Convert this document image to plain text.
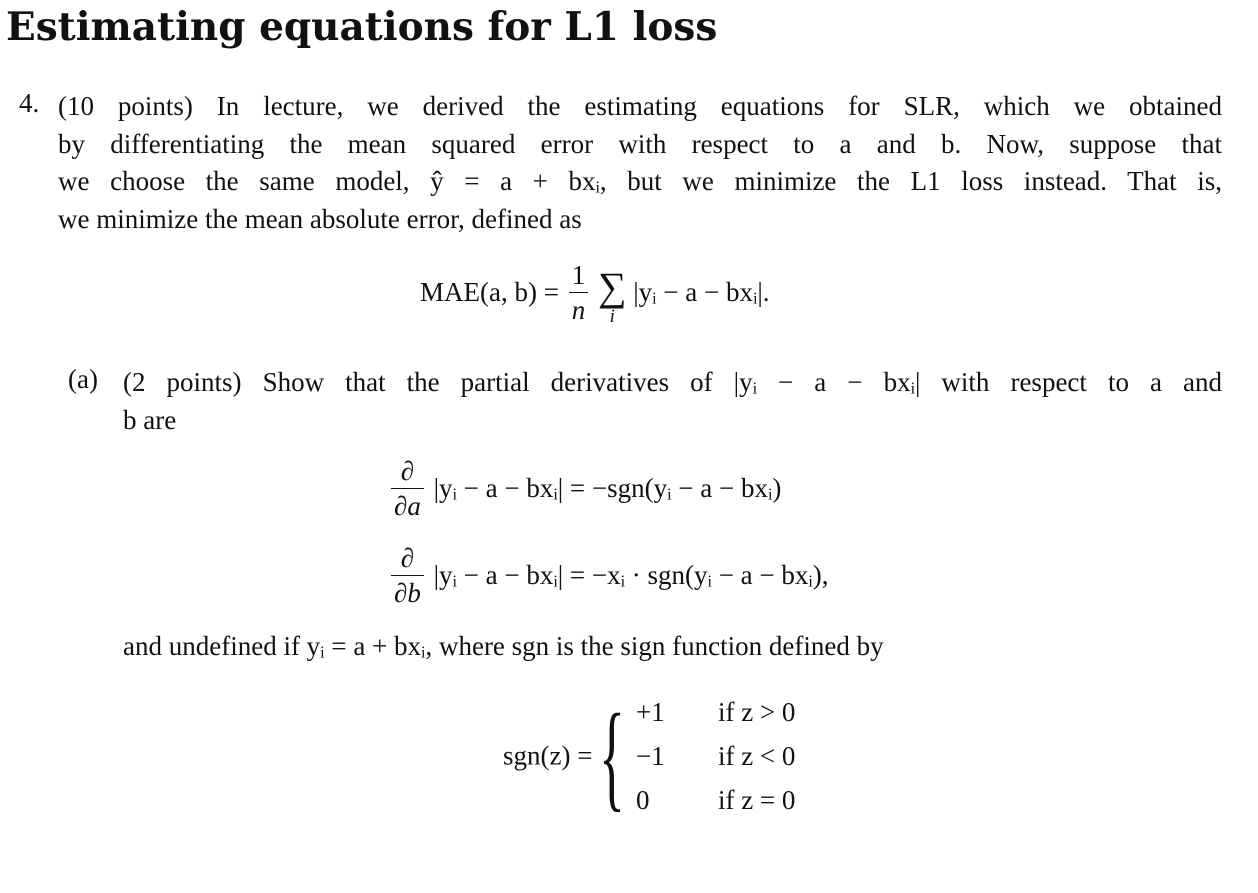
Estimating equations for L1 loss
4. (10 points) In lecture, we derived the estimating equations for SLR, which we obtained
by differentiating the mean squared error with respect to a and b. Now, suppose that
we choose the same model, ŷ = a + bxᵢ, but we minimize the L1 loss instead. That is,
we minimize the mean absolute error, defined as
MAE(a, $b) = \frac{1}{n}$
∑
i
|yᵢ − a − bxᵢ|.
(a) (2 points) Show that the partial derivatives of |yᵢ − a − bxᵢ| with respect to a and
b are
$\frac{\partial}{\partial a}$ |yᵢ − a − bxᵢ| = −sgn(yᵢ − a − bxᵢ)
$\frac{\partial}{\partial b}$ |yᵢ − a − bxᵢ| = −xᵢ · sgn(yᵢ − a − bxᵢ),
and undefined if yᵢ = a + bxᵢ, where sgn is the sign function defined by
sgn(z) = { +1 if z > 0
−1 if z < 0
0	if z = 0
